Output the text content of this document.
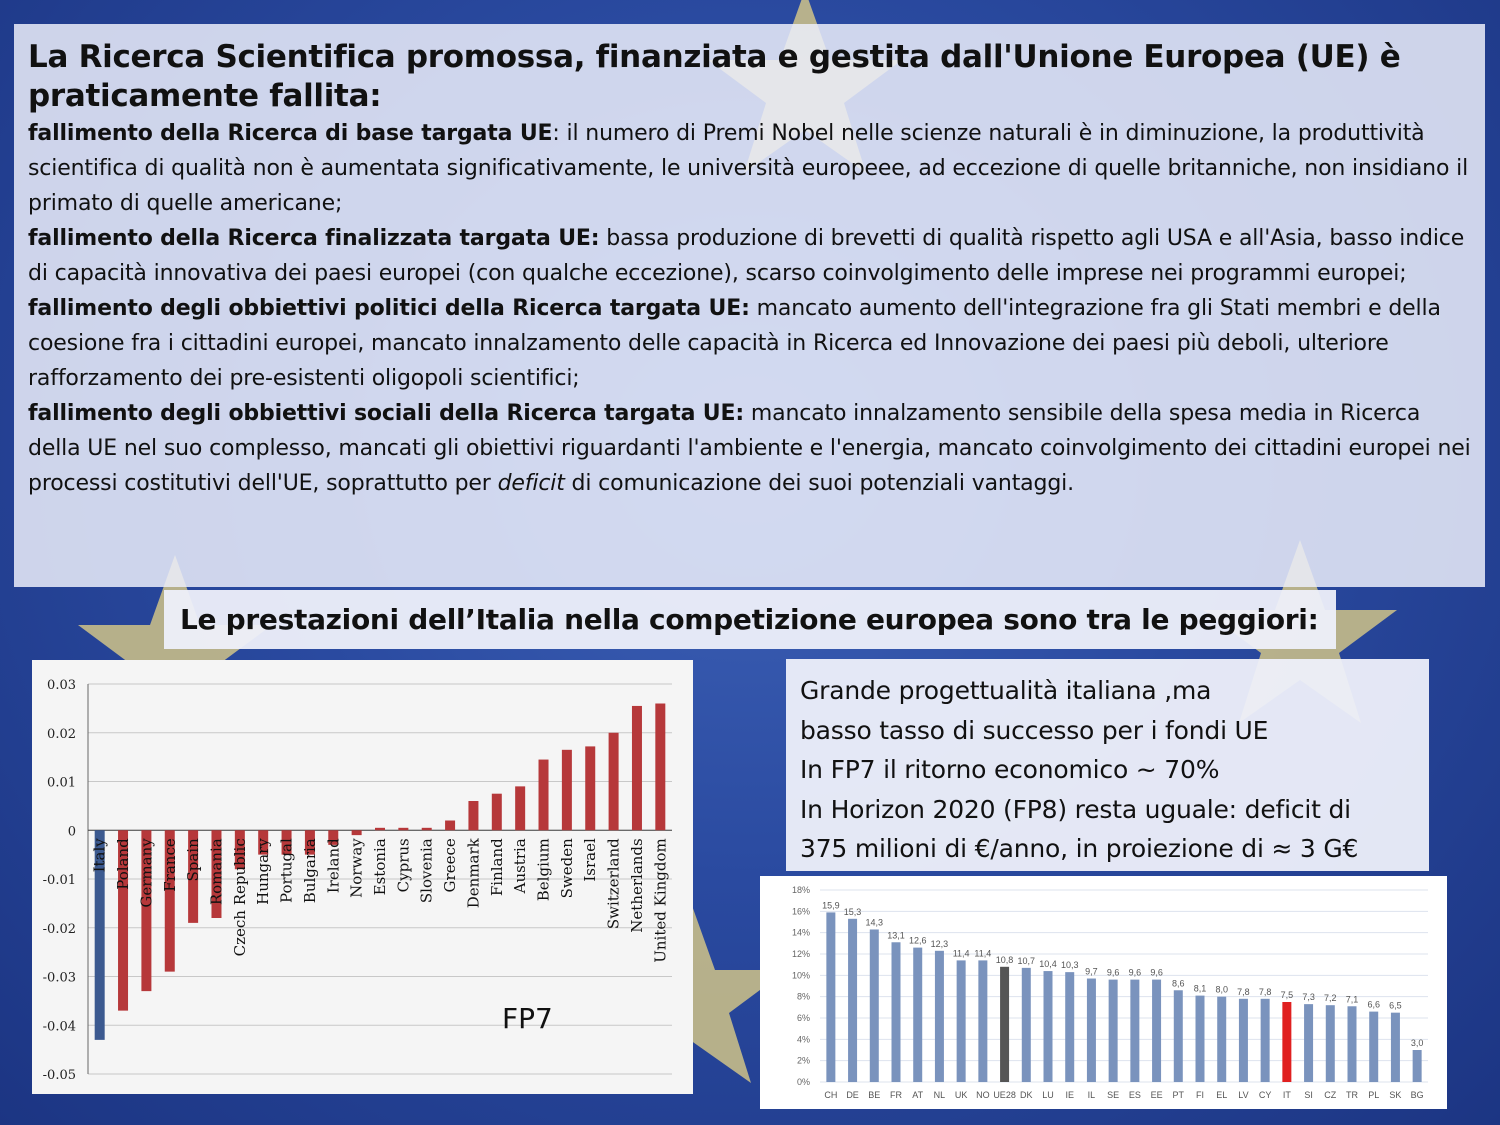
La Ricerca Scientifica promossa, finanziata e gestita dall'Unione Europea (UE) è praticamente fallita:

fallimento della Ricerca di base targata UE: il numero di Premi Nobel nelle scienze naturali è in diminuzione, la produttività scientifica di qualità non è aumentata significativamente, le università europeee, ad eccezione di quelle britanniche, non insidiano il primato di quelle americane;

fallimento della Ricerca finalizzata targata UE: bassa produzione di brevetti di qualità rispetto agli USA e all'Asia, basso indice di capacità innovativa dei paesi europei (con qualche eccezione), scarso coinvolgimento delle imprese nei programmi europei;

fallimento degli obbiettivi politici della Ricerca targata UE: mancato aumento dell'integrazione fra gli Stati membri e della coesione fra i cittadini europei, mancato innalzamento delle capacità in Ricerca ed Innovazione dei paesi più deboli, ulteriore rafforzamento dei pre-esistenti oligopoli scientifici;

fallimento degli obbiettivi sociali della Ricerca targata UE: mancato innalzamento sensibile della spesa media in Ricerca della UE nel suo complesso, mancati gli obiettivi riguardanti l'ambiente e l'energia, mancato coinvolgimento dei cittadini europei nei processi costitutivi dell'UE, soprattutto per deficit di comunicazione dei suoi potenziali vantaggi.

Le prestazioni dell’Italia nella competizione europea sono tra le peggiori:
0.03
0.02
0.01
0
-0.01
-0.02
-0.03
-0.04
-0.05
Italy Poland Germany France Spain Romania Czech Republic Hungary Portugal Bulgaria Ireland Norway Estonia Cyprus Slovenia Greece Denmark Finland Austria Belgium Sweden Israel Switzerland Netherlands United Kingdom
FP7
Grande progettualità italiana ,ma
basso tasso di successo per i fondi UE
In FP7 il ritorno economico ~ 70%
In Horizon 2020 (FP8) resta uguale: deficit di
375 milioni di €/anno, in proiezione di ≈ 3 G€
18%
16%
14%
12%
10%
8%
6%
4%
2%
0%
15,9
15,3
14,3
13,1
12,6 12,3
11,4 11,4
10,8 10,7 10,4 10,3
9,7 9,6 9,6 9,6
8,6
8,1 8,0 7,8 7,8 7,5 7,3 7,2 7,1
6,6 6,5
3,0
CH DE BE FR AT NL UK NO UE28 DK LU IE IL SE ES EE PT FI EL LV CY IT SI CZ TR PL SK BG
